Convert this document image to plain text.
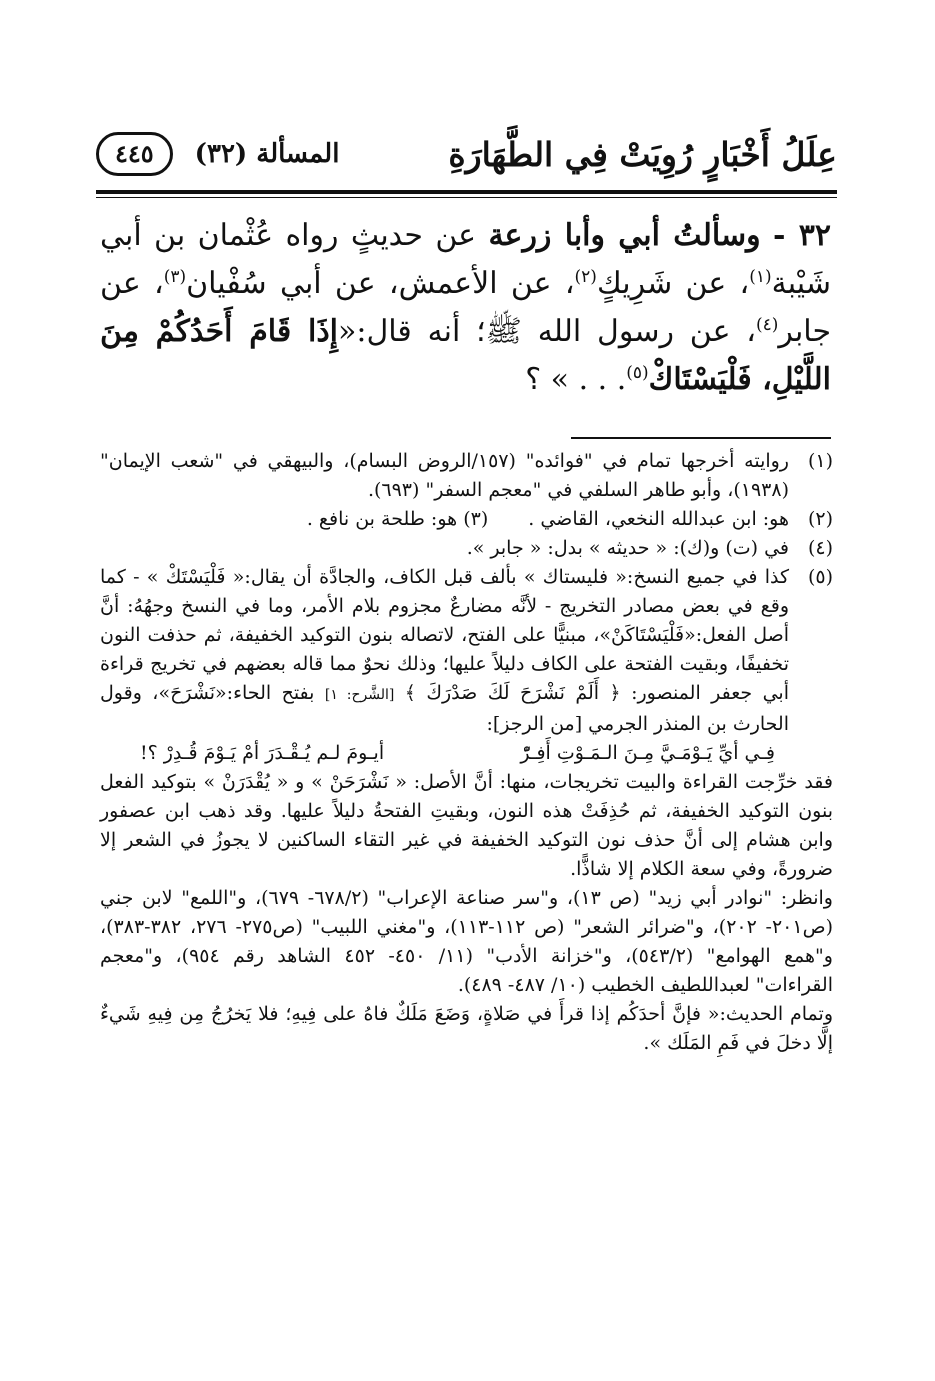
عِلَلُ أَخْبَارٍ رُوِيَتْ فِي الطَّهَارَةِ
المسألة (٣٢)
٤٤٥
٣٢ - وسألتُ أبي وأبا زرعة عن حديثٍ رواه عُثْمان بن أبي شَيْبة$^{(١)}$، عن شَرِيكٍ$^{(٢)}$، عن الأعمش، عن أبي سُفْيان$^{(٣)}$، عن جابر$^{(٤)}$، عن رسول الله ﷺ؛ أنه قال:«إِذَا قَامَ أَحَدُكُمْ مِنَ اللَّيْلِ، فَلْيَسْتَاكْ$^{(٥)}$. . . » ؟
(١)
روايته أخرجها تمام في "فوائده" (١٥٧/الروض البسام)، والبيهقي في "شعب الإيمان" (١٩٣٨)، وأبو طاهر السلفي في "معجم السفر" (٦٩٣).
(٢)
هو: ابن عبدالله النخعي، القاضي .
(٣) هو: طلحة بن نافع .
(٤)
في (ت) و(ك): « حديثه » بدل: « جابر ».
(٥)
كذا في جميع النسخ:« فليستاك » بألف قبل الكاف، والجادَّة أن يقال:« فَلْيَسْتَكْ » - كما وقع في بعض مصادر التخريج - لأنَّه مضارعٌ مجزوم بلام الأمر، وما في النسخ وجهُهُ: أنَّ أصل الفعل:«فَلْيَسْتَاكَنْ»، مبنيًّا على الفتح، لاتصاله بنون التوكيد الخفيفة، ثم حذفت النون تخفيفًا، وبقيت الفتحة على الكاف دليلاً عليها؛ وذلك نحوٌ مما قاله بعضهم في تخريج قراءة أبي جعفر المنصور: ﴿ أَلَمْ نَشْرَحَ لَكَ صَدْرَكَ ﴾ [الشَّرح: ١] بفتح الحاء:«نَشْرَحَ»، وقول الحارث بن المنذر الجرمي [من الرجز]:
فِـي أيِّ يَـوْمَـيَّ مِـنَ الـمَـوْتِ أَفِـرّْ
أيـومَ لـم يُـقْـدَرَ أمْ يَـوْمَ قُـدِرْ ؟!
فقد خرِّجت القراءة والبيت تخريجات، منها: أنَّ الأصل: « نَشْرَحَنْ » و « يُقْدَرَنْ » بتوكيد الفعل بنون التوكيد الخفيفة، ثم حُذِفَتْ هذه النون، وبقيتِ الفتحةُ دليلاً عليها. وقد ذهب ابن عصفور وابن هشام إلى أنَّ حذف نون التوكيد الخفيفة في غير التقاء الساكنين لا يجوزُ في الشعر إلا ضرورةً، وفي سعة الكلام إلا شاذًّا.
وانظر: "نوادر أبي زيد" (ص ١٣)، و"سر صناعة الإعراب" (٦٧٨/٢- ٦٧٩)، و"اللمع" لابن جني (ص٢٠١- ٢٠٢)، و"ضرائر الشعر" (ص ١١٢-١١٣)، و"مغني اللبيب" (ص٢٧٥- ٢٧٦، ٣٨٢-٣٨٣)، و"همع الهوامع" (٥٤٣/٢)، و"خزانة الأدب" (١١/ ٤٥٠- ٤٥٢ الشاهد رقم ٩٥٤)، و"معجم القراءات" لعبداللطيف الخطيب (١٠/ ٤٨٧- ٤٨٩).
وتمام الحديث:« فإنَّ أحدَكُم إذا قرأَ في صَلاةٍ، وَضَعَ مَلَكٌ فاهُ على فِيهِ؛ فلا يَخرُجُ مِن فِيهِ شَيءٌ إلَّا دخلَ في فَمِ المَلَك ».
